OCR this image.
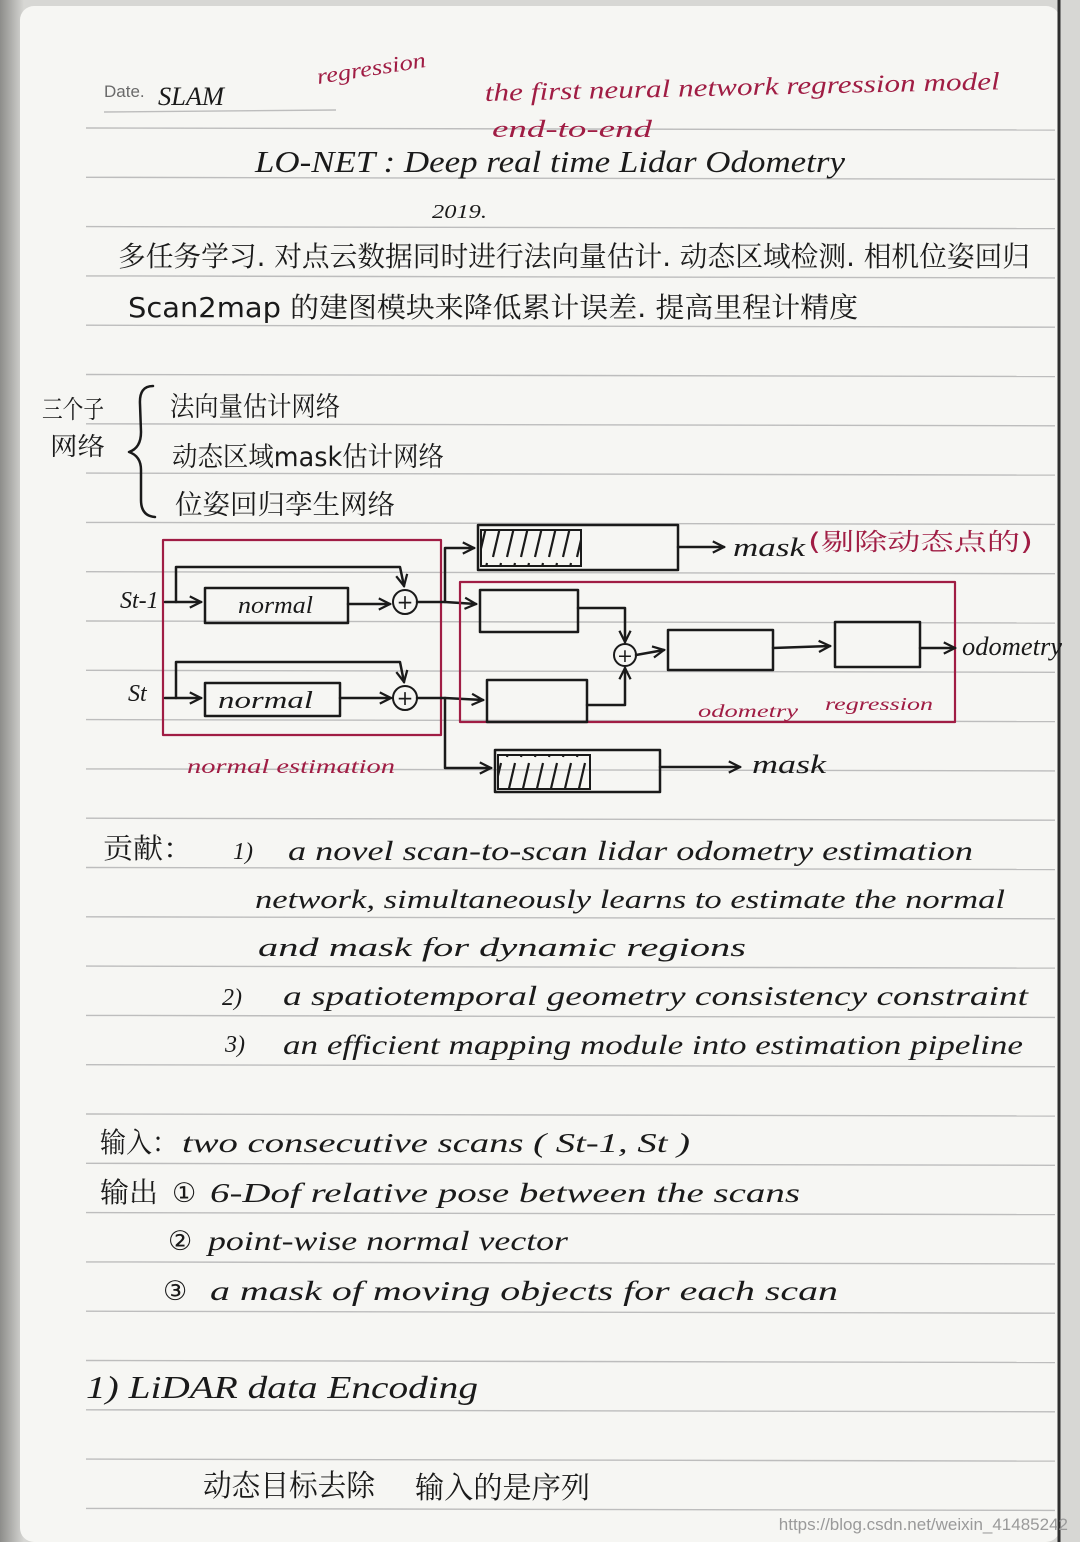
Date. SLAM
regression	the first neural network regression model
end-to-end
LO-NET : Deep real time Lidar Odometry
2019.
多任务学习. 对点云数据同时进行法向量估计. 动态区域检测. 相机位姿回归
Scan2map 的建图模块来降低累计误差. 提高里程计精度
三个子
网络
法向量估计网络
动态区域mask估计网络
位姿回归孪生网络
normal estimation
St-1	normal	+
St	normal	+
mask (剔除动态点的)
+	odometry
odometry regression
mask
贡献： 1) a novel scan-to-scan lidar odometry estimation
network, simultaneously learns to estimate the normal
and mask for dynamic regions
2) a spatiotemporal geometry consistency constraint
3) an efficient mapping module into estimation pipeline
输入： two consecutive scans ( St-1, St )
输出 ① 6-Dof relative pose between the scans
② point-wise normal vector
③ a mask of moving objects for each scan
1) LiDAR data Encoding
动态目标去除 输入的是序列
https://blog.csdn.net/weixin_41485242
